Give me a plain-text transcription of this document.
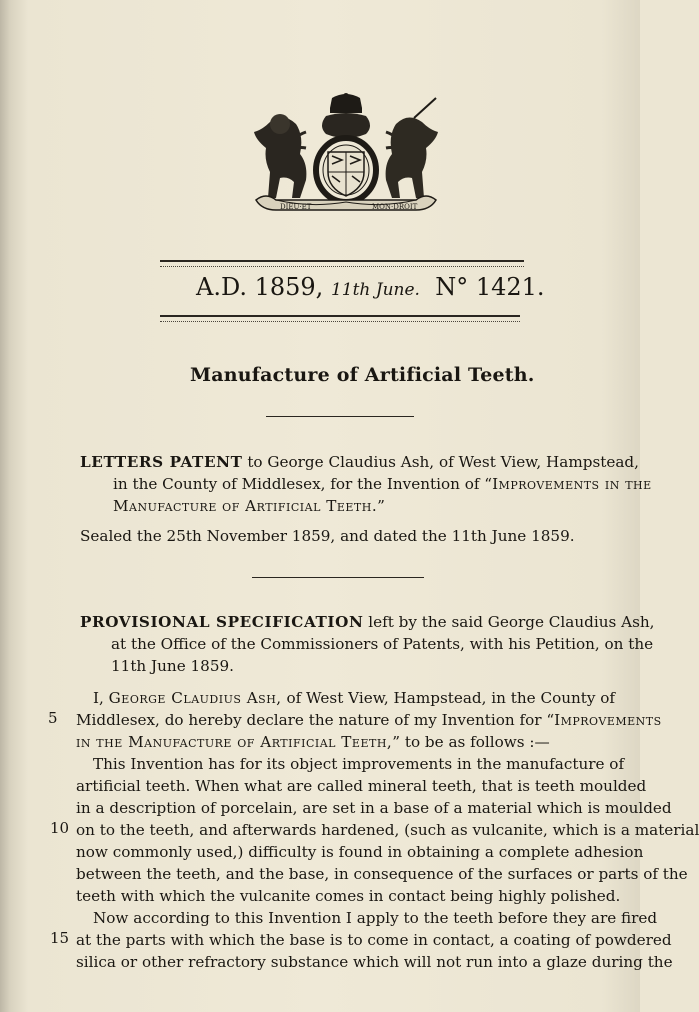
DIEU·ET	MON·DROIT
A.D. 1859, 11th June. N° 1421.
Manufacture of Artificial Teeth.
LETTERS PATENT to George Claudius Ash, of West View, Hampstead,
in the County of Middlesex, for the Invention of “Improvements in the
Manufacture of Artificial Teeth.”
Sealed the 25th November 1859, and dated the 11th June 1859.
PROVISIONAL SPECIFICATION left by the said George Claudius Ash,
at the Office of the Commissioners of Patents, with his Petition, on the
11th June 1859.
I, George Claudius Ash, of West View, Hampstead, in the County of
5 Middlesex, do hereby declare the nature of my Invention for “Improvements
in the Manufacture of Artificial Teeth,” to be as follows :—
This Invention has for its object improvements in the manufacture of
artificial teeth. When what are called mineral teeth, that is teeth moulded
in a description of porcelain, are set in a base of a material which is moulded
10 on to the teeth, and afterwards hardened, (such as vulcanite, which is a material
now commonly used,) difficulty is found in obtaining a complete adhesion
between the teeth, and the base, in consequence of the surfaces or parts of the
teeth with which the vulcanite comes in contact being highly polished.
Now according to this Invention I apply to the teeth before they are fired
15 at the parts with which the base is to come in contact, a coating of powdered
silica or other refractory substance which will not run into a glaze during the
